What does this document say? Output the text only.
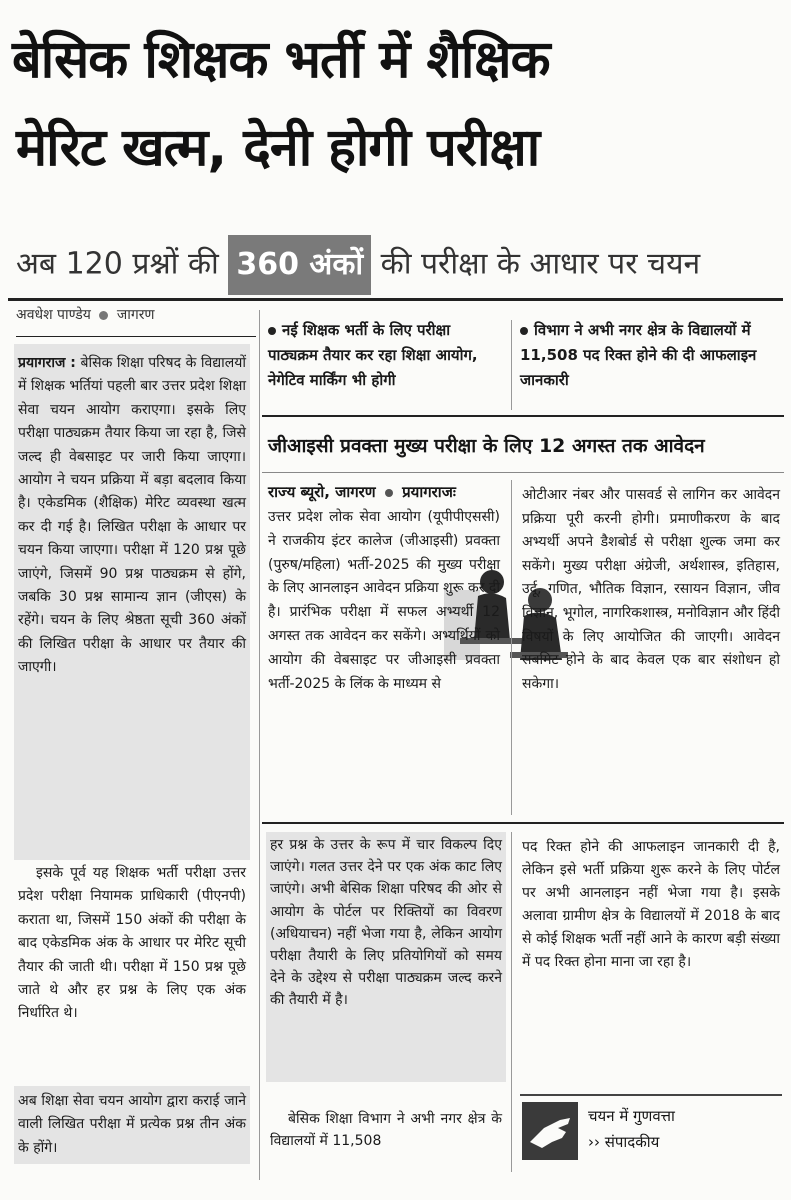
बेसिक शिक्षक भर्ती में शैक्षिक
मेरिट खत्म, देनी होगी परीक्षा
अब 120 प्रश्नों की 360 अंकों की परीक्षा के आधार पर चयन
अवधेश पाण्डेय जागरण
नई शिक्षक भर्ती के लिए परीक्षा पाठ्यक्रम तैयार कर रहा शिक्षा आयोग, नेगेटिव मार्किंग भी होगी
विभाग ने अभी नगर क्षेत्र के विद्यालयों में 11,508 पद रिक्त होने की दी आफलाइन जानकारी
प्रयागराज : बेसिक शिक्षा परिषद के विद्यालयों में शिक्षक भर्तियां पहली बार उत्तर प्रदेश शिक्षा सेवा चयन आयोग कराएगा। इसके लिए परीक्षा पाठ्यक्रम तैयार किया जा रहा है, जिसे जल्द ही वेबसाइट पर जारी किया जाएगा। आयोग ने चयन प्रक्रिया में बड़ा बदलाव किया है। एकेडमिक (शैक्षिक) मेरिट व्यवस्था खत्म कर दी गई है। लिखित परीक्षा के आधार पर चयन किया जाएगा। परीक्षा में 120 प्रश्न पूछे जाएंगे, जिसमें 90 प्रश्न पाठ्यक्रम से होंगे, जबकि 30 प्रश्न सामान्य ज्ञान (जीएस) के रहेंगे। चयन के लिए श्रेष्ठता सूची 360 अंकों की लिखित परीक्षा के आधार पर तैयार की जाएगी।
इसके पूर्व यह शिक्षक भर्ती परीक्षा उत्तर प्रदेश परीक्षा नियामक प्राधिकारी (पीएनपी) कराता था, जिसमें 150 अंकों की परीक्षा के बाद एकेडमिक अंक के आधार पर मेरिट सूची तैयार की जाती थी। परीक्षा में 150 प्रश्न पूछे जाते थे और हर प्रश्न के लिए एक अंक निर्धारित थे।
अब शिक्षा सेवा चयन आयोग द्वारा कराई जाने वाली लिखित परीक्षा में प्रत्येक प्रश्न तीन अंक के होंगे।
जीआइसी प्रवक्ता मुख्य परीक्षा के लिए 12 अगस्त तक आवेदन
राज्य ब्यूरो, जागरण प्रयागराजः
उत्तर प्रदेश लोक सेवा आयोग (यूपीपीएससी) ने राजकीय इंटर कालेज (जीआइसी) प्रवक्ता (पुरुष/महिला) भर्ती-2025 की मुख्य परीक्षा के लिए आनलाइन आवेदन प्रक्रिया शुरू कर दी है। प्रारंभिक परीक्षा में सफल अभ्यर्थी 12 अगस्त तक आवेदन कर सकेंगे। अभ्यर्थियों को आयोग की वेबसाइट पर जीआइसी प्रवक्ता भर्ती-2025 के लिंक के माध्यम से
ओटीआर नंबर और पासवर्ड से लागिन कर आवेदन प्रक्रिया पूरी करनी होगी। प्रमाणीकरण के बाद अभ्यर्थी अपने डैशबोर्ड से परीक्षा शुल्क जमा कर सकेंगे। मुख्य परीक्षा अंग्रेजी, अर्थशास्त्र, इतिहास, उर्दू, गणित, भौतिक विज्ञान, रसायन विज्ञान, जीव विज्ञान, भूगोल, नागरिकशास्त्र, मनोविज्ञान और हिंदी विषयों के लिए आयोजित की जाएगी। आवेदन सबमिट होने के बाद केवल एक बार संशोधन हो सकेगा।
हर प्रश्न के उत्तर के रूप में चार विकल्प दिए जाएंगे। गलत उत्तर देने पर एक अंक काट लिए जाएंगे। अभी बेसिक शिक्षा परिषद की ओर से आयोग के पोर्टल पर रिक्तियों का विवरण (अधियाचन) नहीं भेजा गया है, लेकिन आयोग परीक्षा तैयारी के लिए प्रतियोगियों को समय देने के उद्देश्य से परीक्षा पाठ्यक्रम जल्द करने की तैयारी में है।
बेसिक शिक्षा विभाग ने अभी नगर क्षेत्र के विद्यालयों में 11,508
पद रिक्त होने की आफलाइन जानकारी दी है, लेकिन इसे भर्ती प्रक्रिया शुरू करने के लिए पोर्टल पर अभी आनलाइन नहीं भेजा गया है। इसके अलावा ग्रामीण क्षेत्र के विद्यालयों में 2018 के बाद से कोई शिक्षक भर्ती नहीं आने के कारण बड़ी संख्या में पद रिक्त होना माना जा रहा है।
चयन में गुणवत्ता
›› संपादकीय
